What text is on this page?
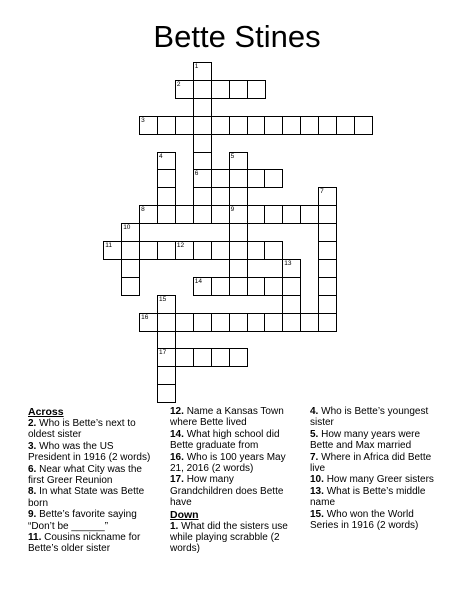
Bette Stines
1
6
2
3
4	5
9
7
8
10
11	12
13
14
15
17
16
Across
2. Who is Bette’s next to oldest sister
3. Who was the US President in 1916 (2 words)
6. Near what City was the first Greer Reunion
8. In what State was Bette born
9. Bette’s favorite saying “Don’t be ______”
11. Cousins nickname for Bette’s older sister
12. Name a Kansas Town where Bette lived
14. What high school did Bette graduate from
16. Who is 100 years May 21, 2016 (2 words)
17. How many Grandchildren does Bette have
Down
1. What did the sisters use while playing scrabble (2 words)
4. Who is Bette’s youngest sister
5. How many years were Bette and Max married
7. Where in Africa did Bette live
10. How many Greer sisters
13. What is Bette’s middle name
15. Who won the World Series in 1916 (2 words)
